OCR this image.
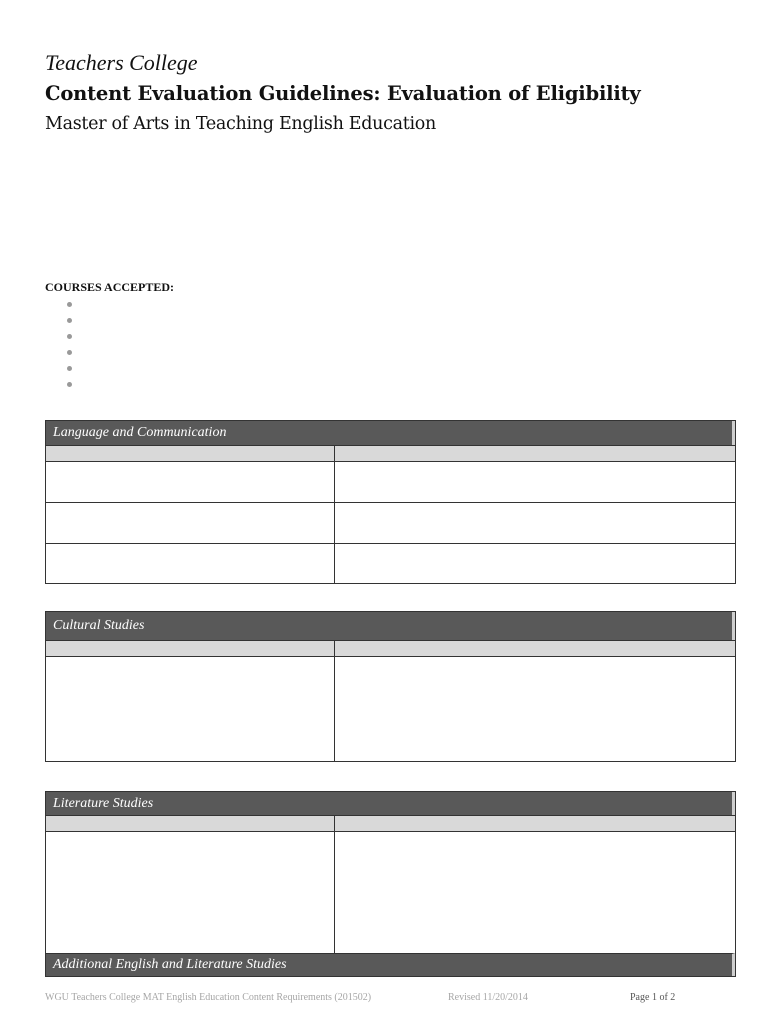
Teachers College
Content Evaluation Guidelines: Evaluation of Eligibility
Master of Arts in Teaching English Education
COURSES ACCEPTED:
Language and Communication
Cultural Studies
Literature Studies
Additional English and Literature Studies
WGU Teachers College MAT English Education Content Requirements (201502)	Revised 11/20/2014	Page 1 of 2
